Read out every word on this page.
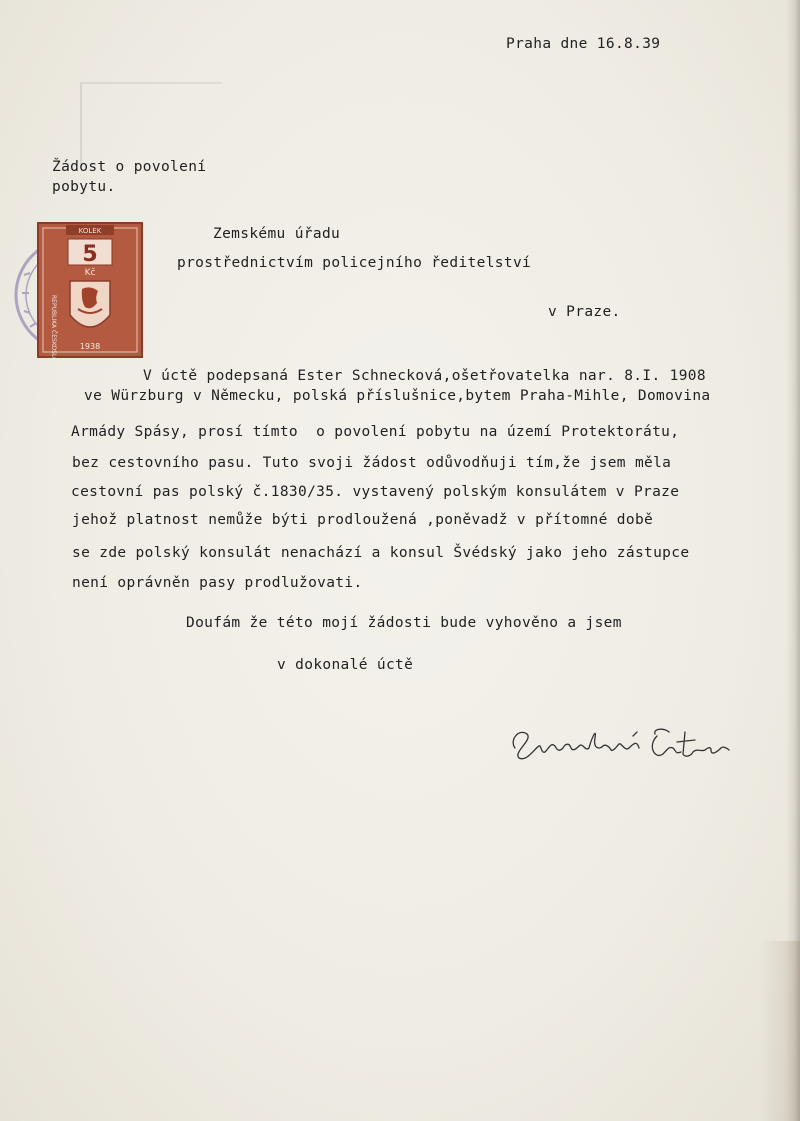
Praha dne 16.8.39
Žádost o povolení
pobytu.
Zemskému úřadu
prostřednictvím policejního ředitelství
v Praze.
V úctě podepsaná Ester Schnecková,ošetřovatelka nar. 8.I. 1908
ve Würzburg v Německu, polská příslušnice,bytem Praha-Mihle, Domovina
Armády Spásy, prosí tímto  o povolení pobytu na území Protektorátu,
bez cestovního pasu. Tuto svoji žádost odůvodňuji tím,že jsem měla
cestovní pas polský č.1830/35. vystavený polským konsulátem v Praze
jehož platnost nemůže býti prodloužená ,poněvadž v přítomné době
se zde polský konsulát nenachází a konsul Švédský jako jeho zástupce
není oprávněn pasy prodlužovati.
Doufám že této mojí žádosti bude vyhověno a jsem
v dokonalé úctě
KOLEK
5
Kč
REPUBLIKA ČESKOSLOVENSKÁ	1938
